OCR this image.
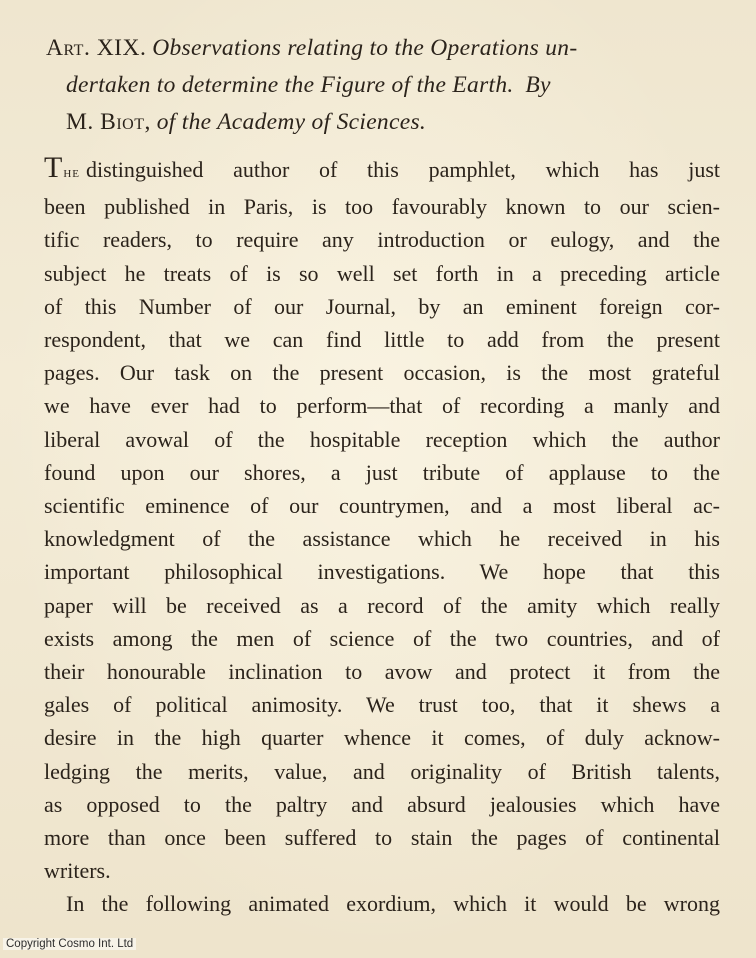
Art. XIX. Observations relating to the Operations un-
dertaken to determine the Figure of the Earth. By
M. Biot, of the Academy of Sciences.
The distinguished author of this pamphlet, which has just
been published in Paris, is too favourably known to our scien-
tific readers, to require any introduction or eulogy, and the
subject he treats of is so well set forth in a preceding article
of this Number of our Journal, by an eminent foreign cor-
respondent, that we can find little to add from the present
pages. Our task on the present occasion, is the most grateful
we have ever had to perform—that of recording a manly and
liberal avowal of the hospitable reception which the author
found upon our shores, a just tribute of applause to the
scientific eminence of our countrymen, and a most liberal ac-
knowledgment of the assistance which he received in his
important philosophical investigations. We hope that this
paper will be received as a record of the amity which really
exists among the men of science of the two countries, and of
their honourable inclination to avow and protect it from the
gales of political animosity. We trust too, that it shews a
desire in the high quarter whence it comes, of duly acknow-
ledging the merits, value, and originality of British talents,
as opposed to the paltry and absurd jealousies which have
more than once been suffered to stain the pages of continental
writers.
In the following animated exordium, which it would be wrong
Copyright Cosmo Int. Ltd
